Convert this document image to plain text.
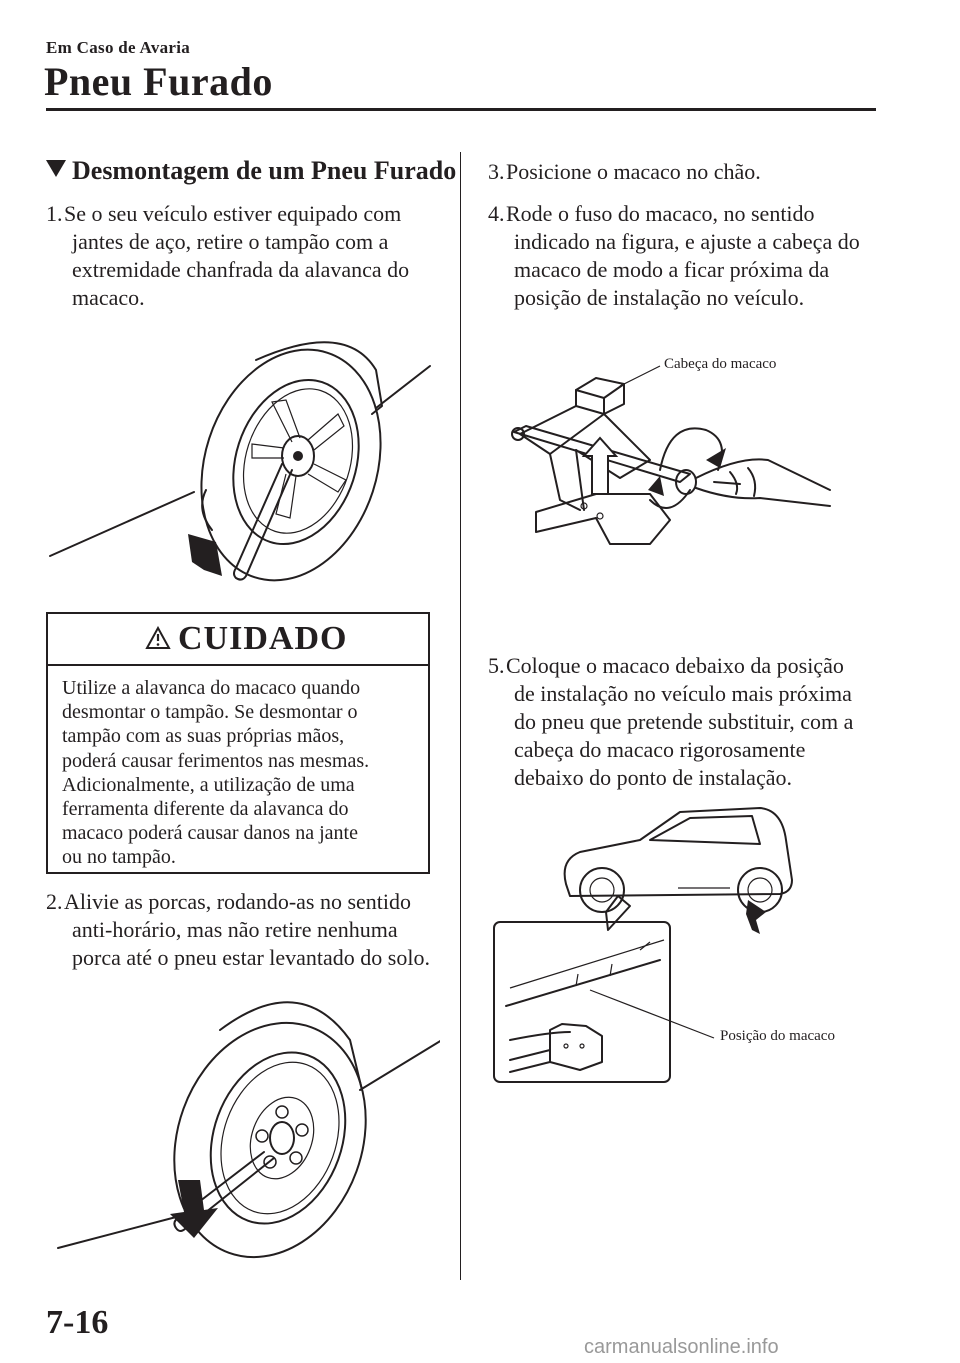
Em Caso de Avaria
Pneu Furado
Desmontagem de um Pneu Furado
1. Se o seu veículo estiver equipado com
jantes de aço, retire o tampão com a
extremidade chanfrada da alavanca do
macaco.
CUIDADO
Utilize a alavanca do macaco quando
desmontar o tampão. Se desmontar o
tampão com as suas próprias mãos,
poderá causar ferimentos nas mesmas.
Adicionalmente, a utilização de uma
ferramenta diferente da alavanca do
macaco poderá causar danos na jante
ou no tampão.
2. Alivie as porcas, rodando-as no sentido
anti-horário, mas não retire nenhuma
porca até o pneu estar levantado do solo.
3. Posicione o macaco no chão.
4. Rode o fuso do macaco, no sentido
indicado na figura, e ajuste a cabeça do
macaco de modo a ficar próxima da
posição de instalação no veículo.
Cabeça do macaco
5. Coloque o macaco debaixo da posição
de instalação no veículo mais próxima
do pneu que pretende substituir, com a
cabeça do macaco rigorosamente
debaixo do ponto de instalação.
Posição do macaco
7-16
carmanualsonline.info
